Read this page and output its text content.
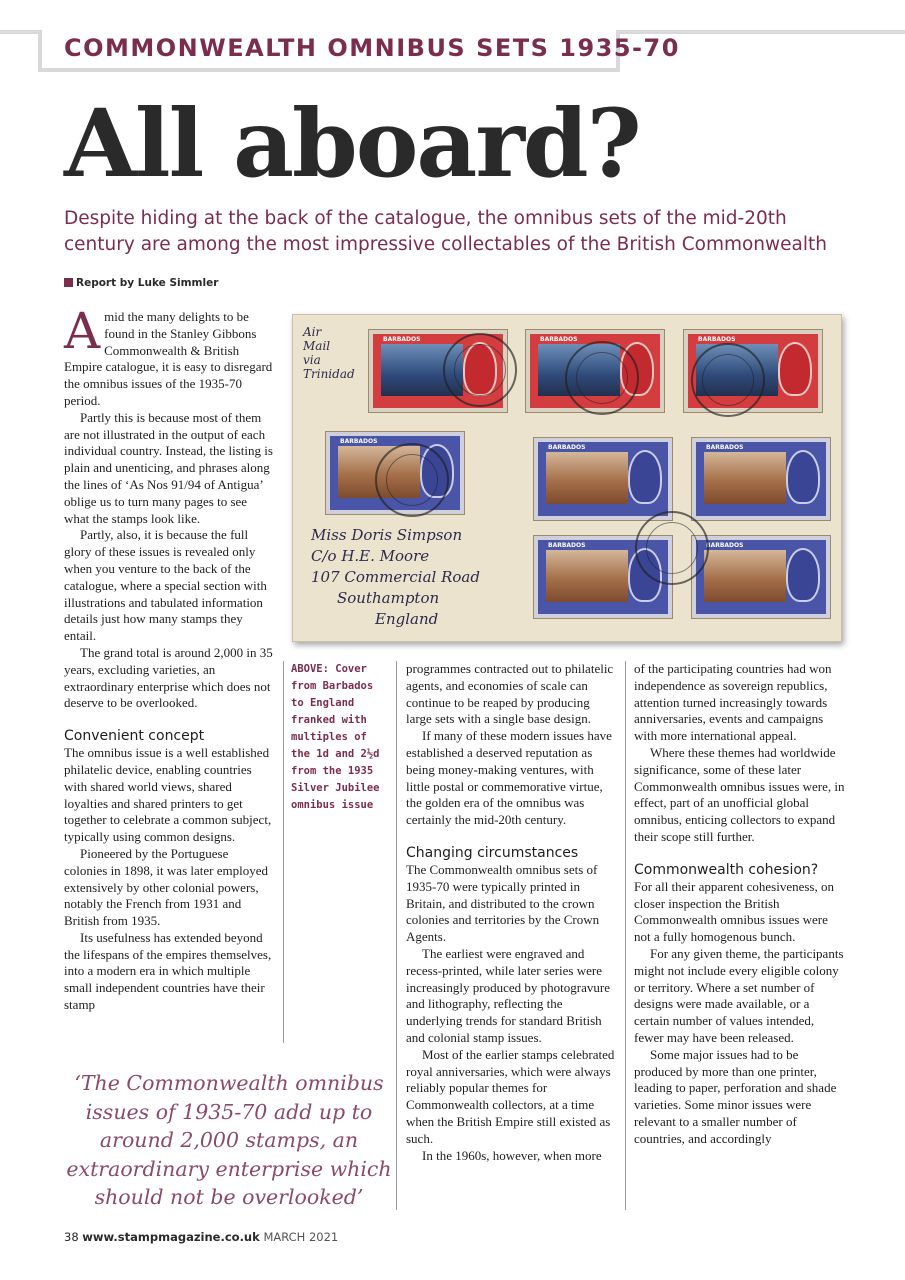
COMMONWEALTH OMNIBUS SETS 1935-70
All aboard?

Despite hiding at the back of the catalogue, the omnibus sets of the mid-20th century are among the most impressive collectables of the British Commonwealth

Report by Luke Simmler

Amid the many delights to be found in the Stanley Gibbons Commonwealth & British Empire catalogue, it is easy to disregard the omnibus issues of the 1935-70 period.

Partly this is because most of them are not illustrated in the output of each individual country. Instead, the listing is plain and unenticing, and phrases along the lines of ‘As Nos 91/94 of Antigua’ oblige us to turn many pages to see what the stamps look like.

Partly, also, it is because the full glory of these issues is revealed only when you venture to the back of the catalogue, where a special section with illustrations and tabulated information details just how many stamps they entail.

The grand total is around 2,000 in 35 years, excluding varieties, an extraordinary enterprise which does not deserve to be overlooked.

Convenient concept

The omnibus issue is a well established philatelic device, enabling countries with shared world views, shared loyalties and shared printers to get together to celebrate a common subject, typically using common designs.

Pioneered by the Portuguese colonies in 1898, it was later employed extensively by other colonial powers, notably the French from 1931 and British from 1935.

Its usefulness has extended beyond the lifespans of the empires themselves, into a modern era in which multiple small independent countries have their stamp

Air
Mail
via
Trinidad
BARBADOS	BARBADOS	BARBADOS
BARBADOS
BARBADOS	BARBADOS
BARBADOS	BARBADOS
Miss Doris Simpson
C/o H.E. Moore
107 Commercial Road
Southampton
England
ABOVE: Cover from Barbados to England franked with multiples of the 1d and 2½d from the 1935 Silver Jubilee omnibus issue

programmes contracted out to philatelic agents, and economies of scale can continue to be reaped by producing large sets with a single base design.

If many of these modern issues have established a deserved reputation as being money-making ventures, with little postal or commemorative virtue, the golden era of the omnibus was certainly the mid-20th century.

Changing circumstances

The Commonwealth omnibus sets of 1935-70 were typically printed in Britain, and distributed to the crown colonies and territories by the Crown Agents.

The earliest were engraved and recess-printed, while later series were increasingly produced by photogravure and lithography, reflecting the underlying trends for standard British and colonial stamp issues.

Most of the earlier stamps celebrated royal anniversaries, which were always reliably popular themes for Commonwealth collectors, at a time when the British Empire still existed as such.

In the 1960s, however, when more

of the participating countries had won independence as sovereign republics, attention turned increasingly towards anniversaries, events and campaigns with more international appeal.

Where these themes had worldwide significance, some of these later Commonwealth omnibus issues were, in effect, part of an unofficial global omnibus, enticing collectors to expand their scope still further.

Commonwealth cohesion?

For all their apparent cohesiveness, on closer inspection the British Commonwealth omnibus issues were not a fully homogenous bunch.

For any given theme, the participants might not include every eligible colony or territory. Where a set number of designs were made available, or a certain number of values intended, fewer may have been released.

Some major issues had to be produced by more than one printer, leading to paper, perforation and shade varieties. Some minor issues were relevant to a smaller number of countries, and accordingly

‘The Commonwealth omnibus issues of 1935-70 add up to around 2,000 stamps, an extraordinary enterprise which should not be overlooked’
38 www.stampmagazine.co.uk MARCH 2021
